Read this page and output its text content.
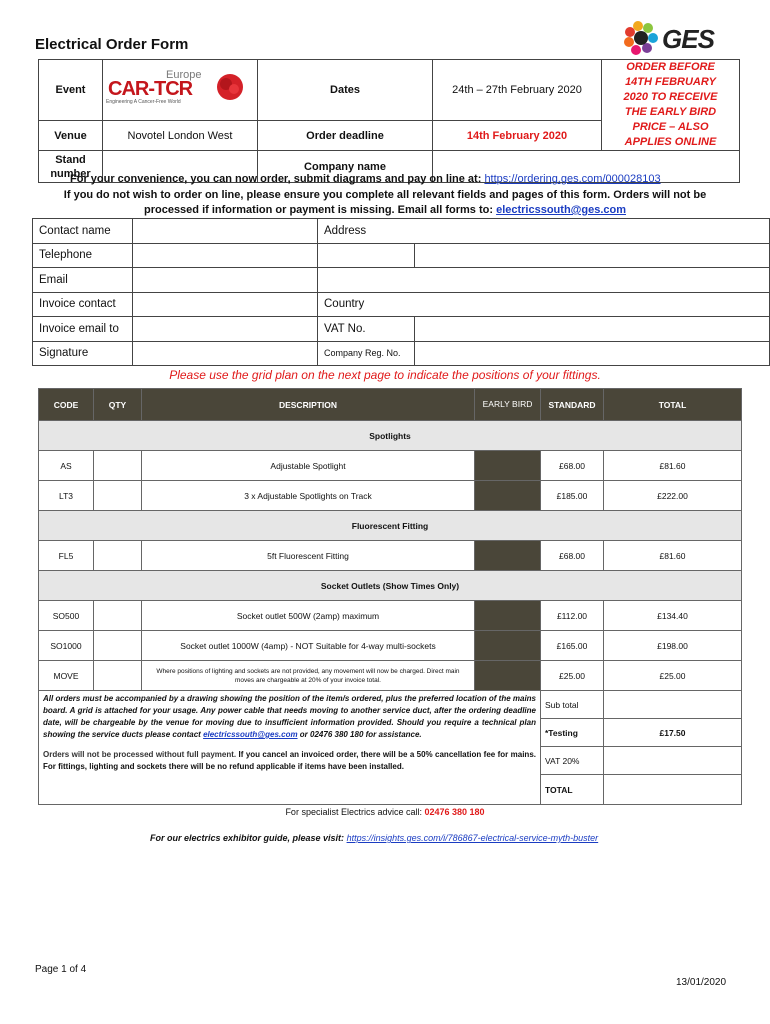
Electrical Order Form	GES
Event	Europe
CAR-TCR
Engineering A Cancer-Free World	Dates	24th – 27th February 2020	ORDER BEFORE 14TH FEBRUARY 2020 TO RECEIVE THE EARLY BIRD PRICE – ALSO APPLIES ONLINE
Venue	Novotel London West	Order deadline	14th February 2020	
Stand number		Company name		
For your convenience, you can now order, submit diagrams and pay on line at: https://ordering.ges.com/000028103
If you do not wish to order on line, please ensure you complete all relevant fields and pages of this form. Orders will not be processed if information or payment is missing. Email all forms to: electricssouth@ges.com
Contact name		Address	
Telephone			
Email			
Invoice contact		Country	
Invoice email to		VAT No.	
Signature		Company Reg. No.	
Please use the grid plan on the next page to indicate the positions of your fittings.
CODE	QTY	DESCRIPTION	EARLY BIRD	STANDARD	TOTAL
Spotlights					
AS		Adjustable Spotlight		£68.00	£81.60
LT3		3 x Adjustable Spotlights on Track		£185.00	£222.00
Fluorescent Fitting					
FL5		5ft Fluorescent Fitting		£68.00	£81.60
Socket Outlets (Show Times Only)					
SO500		Socket outlet 500W (2amp) maximum		£112.00	£134.40
SO1000		Socket outlet 1000W (4amp) - NOT Suitable for 4-way multi-sockets		£165.00	£198.00
MOVE		Where positions of lighting and sockets are not provided, any movement will now be charged. Direct main moves are chargeable at 20% of your invoice total.		£25.00	£25.00
All orders must be accompanied by a drawing showing the position of the item/s ordered, plus the preferred location of the mains board. A grid is attached for your usage. Any power cable that needs moving to another service duct, after the ordering deadline date, will be chargeable by the venue for moving due to insufficient information provided. Should you require a technical plan showing the service ducts please contact electricssouth@ges.com or 02476 380 180 for assistance.				Sub total	
				*Testing	£17.50
Orders will not be processed without full payment. If you cancel an invoiced order, there will be a 50% cancellation fee for mains. For fittings, lighting and sockets there will be no refund applicable if items have been installed.				VAT 20%	
				TOTAL	
For specialist Electrics advice call: 02476 380 180
For our electrics exhibitor guide, please visit: https://insights.ges.com/i/786867-electrical-service-myth-buster
Page 1 of 4
13/01/2020
